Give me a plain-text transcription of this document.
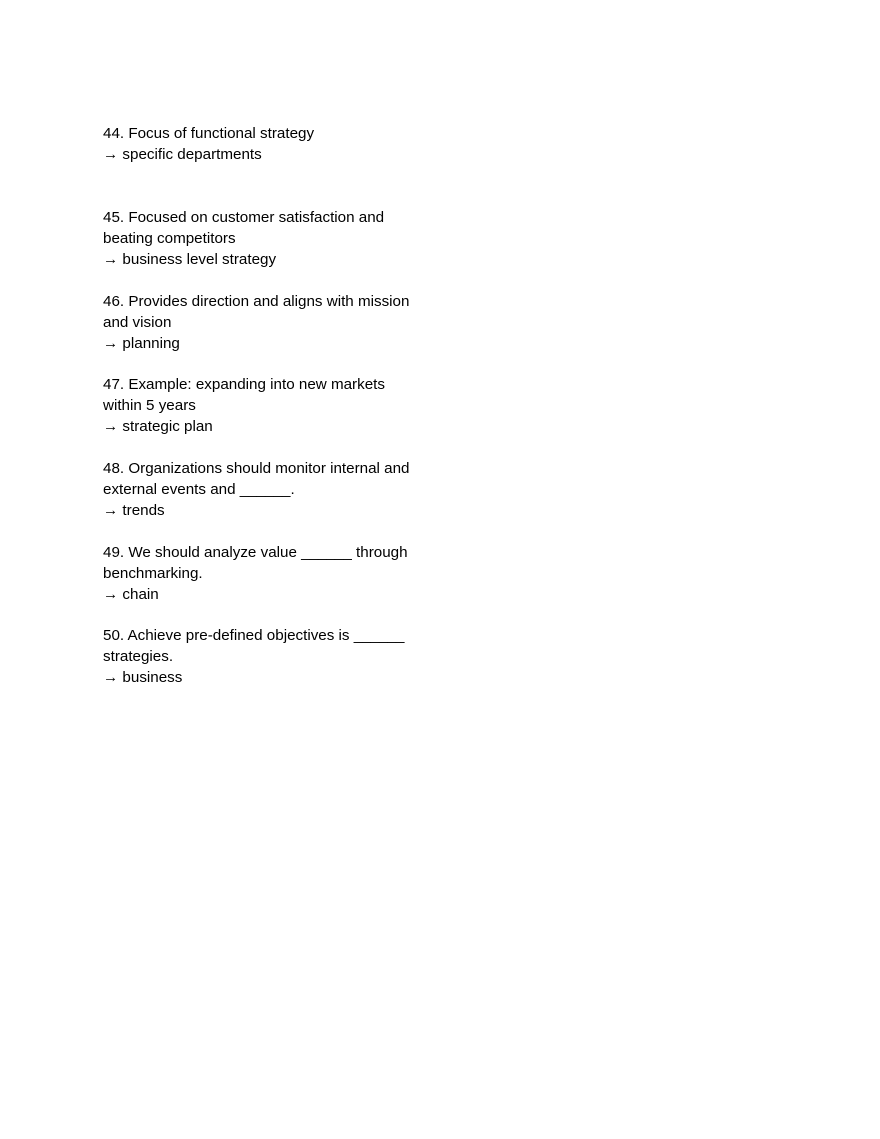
44. Focus of functional strategy
→ specific departments
45. Focused on customer satisfaction and beating competitors
→ business level strategy
46. Provides direction and aligns with mission and vision
→ planning
47. Example: expanding into new markets within 5 years
→ strategic plan
48. Organizations should monitor internal and external events and ______.
→ trends
49. We should analyze value ______ through benchmarking.
→ chain
50. Achieve pre-defined objectives is ______ strategies.
→ business
